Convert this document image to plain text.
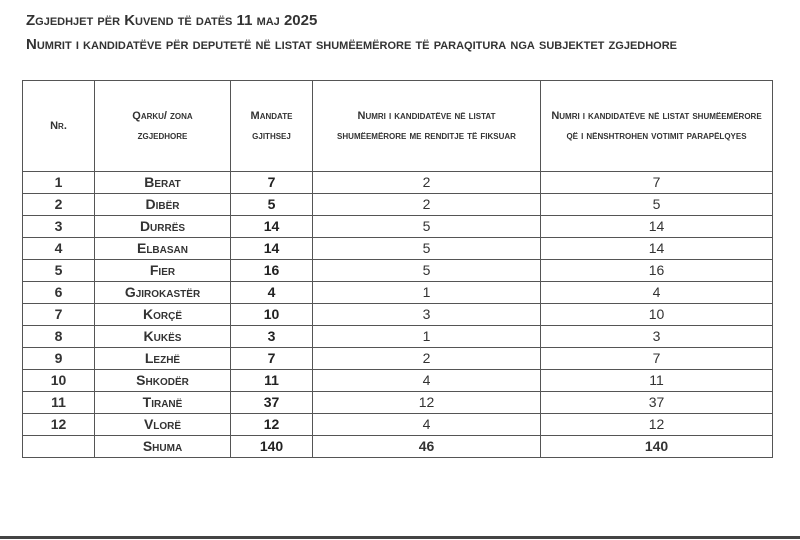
Zgjedhjet për Kuvend të datës 11 maj 2025
Numrit i kandidatëve për deputetë në listat shumëemërore të paraqitura nga subjektet zgjedhore
Nr.	Qarku/ zona zgjedhore	Mandate gjithsej	Numri i kandidatëve në listat shumëemërore me renditje të fiksuar	Numri i kandidatëve në listat shumëemërore që i nënshtrohen votimit parapëlqyes
1	Berat	7	2	7
2	Dibër	5	2	5
3	Durrës	14	5	14
4	Elbasan	14	5	14
5	Fier	16	5	16
6	Gjirokastër	4	1	4
7	Korçë	10	3	10
8	Kukës	3	1	3
9	Lezhë	7	2	7
10	Shkodër	11	4	11
11	Tiranë	37	12	37
12	Vlorë	12	4	12
	Shuma	140	46	140
